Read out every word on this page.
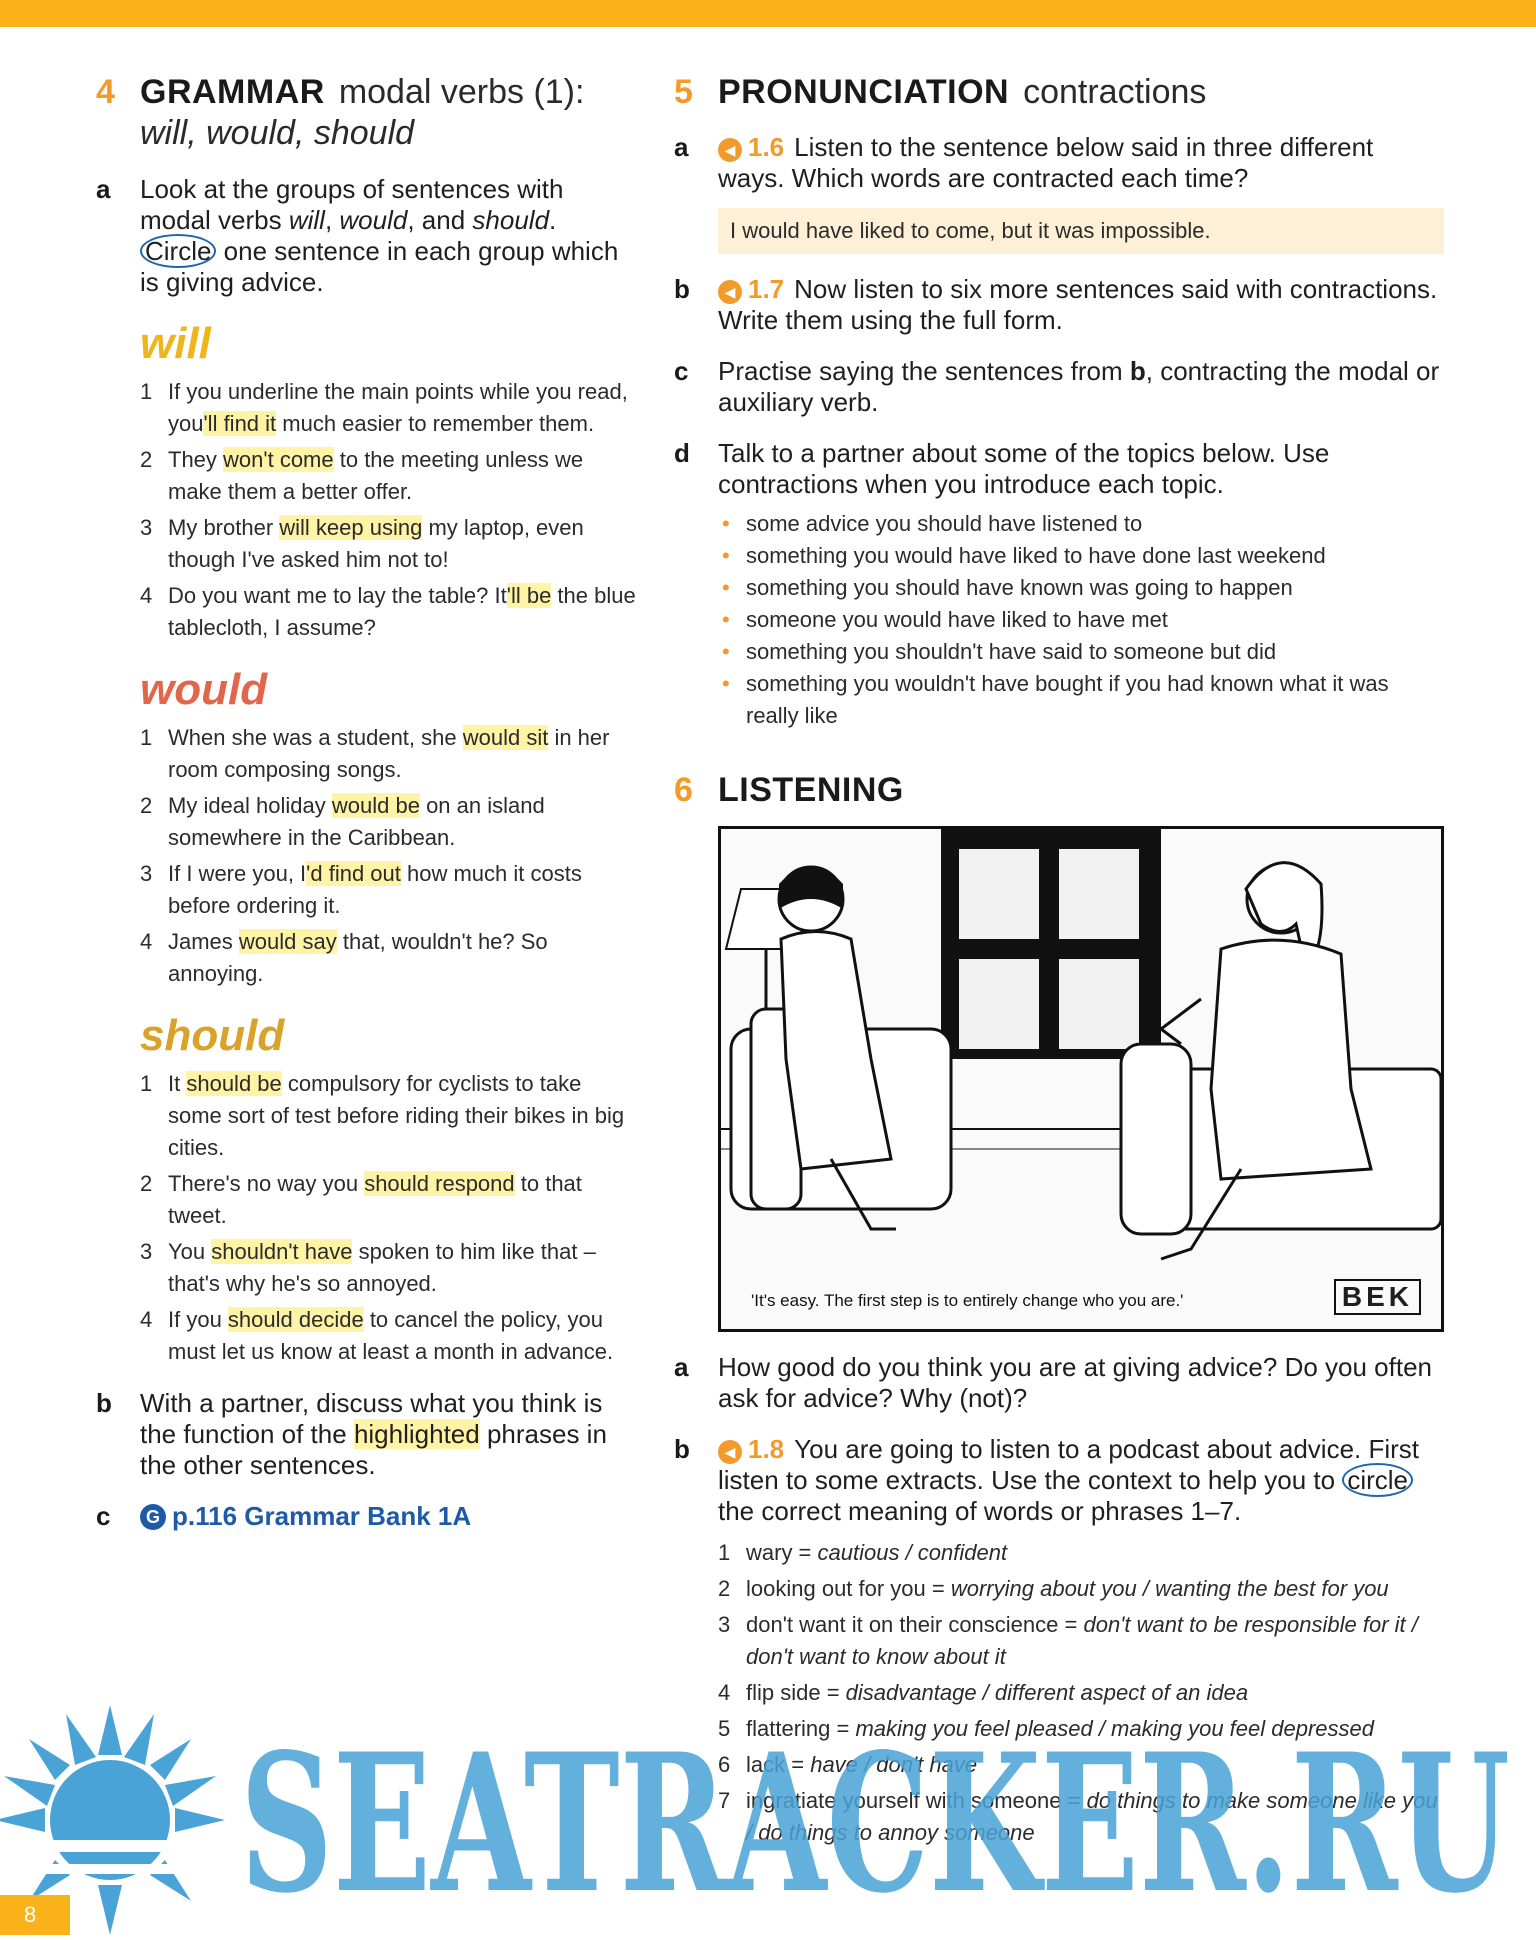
4 GRAMMAR modal verbs (1):
will, would, should
a	Look at the groups of sentences with modal verbs will, would, and should. Circle one sentence in each group which is giving advice.
will
1 If you underline the main points while you read, you'll find it much easier to remember them.
2 They won't come to the meeting unless we make them a better offer.
3 My brother will keep using my laptop, even though I've asked him not to!
4 Do you want me to lay the table? It'll be the blue tablecloth, I assume?
would
1 When she was a student, she would sit in her room composing songs.
2 My ideal holiday would be on an island somewhere in the Caribbean.
3 If I were you, I'd find out how much it costs before ordering it.
4 James would say that, wouldn't he? So annoying.
should
1 It should be compulsory for cyclists to take some sort of test before riding their bikes in big cities.
2 There's no way you should respond to that tweet.
3 You shouldn't have spoken to him like that – that's why he's so annoyed.
4 If you should decide to cancel the policy, you must let us know at least a month in advance.
b	With a partner, discuss what you think is the function of the highlighted phrases in the other sentences.
c	G p.116 Grammar Bank 1A
5 PRONUNCIATION contractions
a	◀ 1.6 Listen to the sentence below said in three different ways. Which words are contracted each time?
I would have liked to come, but it was impossible.
b	◀ 1.7 Now listen to six more sentences said with contractions. Write them using the full form.
c	Practise saying the sentences from b, contracting the modal or auxiliary verb.
d	Talk to a partner about some of the topics below. Use contractions when you introduce each topic.
• some advice you should have listened to
• something you would have liked to have done last weekend
• something you should have known was going to happen
• someone you would have liked to have met
• something you shouldn't have said to someone but did
• something you wouldn't have bought if you had known what it was really like
6 LISTENING
'It's easy. The first step is to entirely change who you are.'	BEK
a	How good do you think you are at giving advice? Do you often ask for advice? Why (not)?
b	◀ 1.8 You are going to listen to a podcast about advice. First listen to some extracts. Use the context to help you to circle the correct meaning of words or phrases 1–7.
1 wary = cautious / confident
2 looking out for you = worrying about you / wanting the best for you
3 don't want it on their conscience = don't want to be responsible for it / don't want to know about it
4 flip side = disadvantage / different aspect of an idea
5 flattering = making you feel pleased / making you feel depressed
6 lack = have / don't have
7 ingratiate yourself with someone = do things to make someone like you / do things to annoy someone
SEATRACKER.RU
8
